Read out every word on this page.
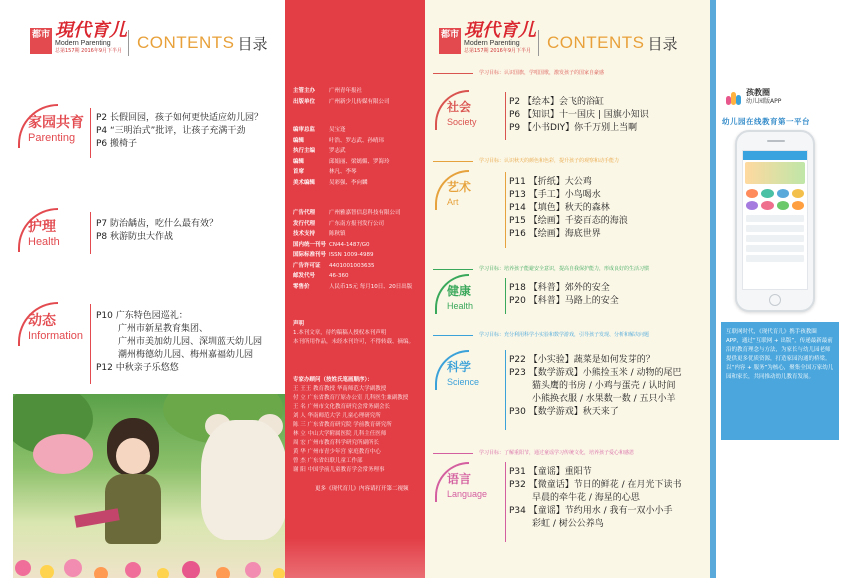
都市 現代育儿
Modern Parenting
总第157期 2016年9月下半月 CONTENTS 目录
家园共育
Parenting
P2 长假回园，孩子如何更快适应幼儿园？
P4 “三明治式”批评，让孩子充满干劲
P6 搬椅子
护理
Health
P7 防治龋齿，吃什么最有效？
P8 秋游防虫大作战
动态
Information
P10 广东特色园巡礼：
广州市新星教育集团、
广州市美加幼儿园、深圳蓝天幼儿园
潮州梅德幼儿园、梅州嘉福幼儿园
P12 中秋亲子乐悠悠
主管主办	广州青年报社
出版单位	广州新少儿传媒有限公司
编审总监	吴宝逢
编辑	叶浩、罗志武、孙晴玮
执行主编	罗志武
编辑	邱娟丽、梁嫣媚、罗海玲
首席	林凡、李琴
美术编辑	吴彩强、李向麟
广告代理	广州雅嘉智信息科技有限公司
发行代理	广东南方报刊发行公司
技术支持	陈秋镇
国内统一刊号 CN44-1487/G0
国际标准刊号 ISSN 1009-4989
广告许可证 4401001003635
邮发代号	46-360
零售价	人民币15元 每月10日、20日出版
声明
1.本刊文章，待约稿稿人授权本刊声明
本刊所用作品，未经本刊许可，不得转载、摘编。
专家办顾问（按姓氏笔画顺序）：
王 王王 教育教授 华南师范大学副教授
付 立 广东省教育厅原办公室 儿科医生兼副教授
王 名 广州市文化教育研究会常务副会长
刘 人 华南师范大学 儿童心理研究所
陈 三 广东省教育研究院 学前教育研究所
林 立 中山大学附属医院 儿科主任医师
周 宏 广州市教育科学研究所副所长
黄 华 广州市青少年宫 家庭教育中心
曾 杰 广东省妇联儿童工作部
谢 阳 中国学前儿童教育学会常务理事
更多《现代育儿》内容请打开第二视频
都市 現代育儿
Modern Parenting
总第157期 2016年9月下半月 CONTENTS 目录
学习目标：认识国旗，学唱国歌，激发孩子的国家自豪感
社会
Society
P2 【绘本】会飞的浴缸
P6 【知识】十一国庆 | 国旗小知识
P9 【小书DIY】你千万别上当啊
学习目标：认识秋天的颜色和色彩，提升孩子的观察和动手能力
艺术
Art
P11 【折纸】大公鸡
P13 【手工】小鸟喝水
P14 【填色】秋天的森林
P15 【绘画】千姿百态的海浪
P16 【绘画】海底世界
学习目标：培养孩子能避安全意识，提高自我保护能力，形成良好的生活习惯
健康
Health
P18 【科普】郊外的安全
P20 【科普】马路上的安全
学习目标：充分利用科学小实验和数学游戏，引导孩子发现、分析和解决问题
科学
Science
P22 【小实验】蔬菜是如何发芽的？
P23 【数学游戏】小熊捡玉米 / 动物的尾巴
猫头鹰的书房 / 小鸡与蛋壳 / 认时间
小熊换衣服 / 水果数一数 / 五只小羊
P30 【数学游戏】秋天来了
学习目标：了解重阳节，通过童谣学习传统文化，培养孩子爱心和感恩
语言
Language
P31 【童谣】重阳节
P32 【微童话】节日的鲜花 / 在月光下读书
早晨的牵牛花 / 海星的心思
P34 【童谣】节约用水 / 我有一双小小手
彩虹 / 树公公养鸟
孩教圈
幼儿园版APP
幼儿园在线教育第一平台
互联网时代，《现代育儿》携手孩教圈 APP，通过“互联网 + 出版”，传递最新最前沿的教育理念与方法，为家长与幼儿园老师提供更多优质资源，打造家园沟通的桥梁。以“内容 + 服务”为核心，聚集全国万家幼儿园和家长，共同推动幼儿教育发展。
